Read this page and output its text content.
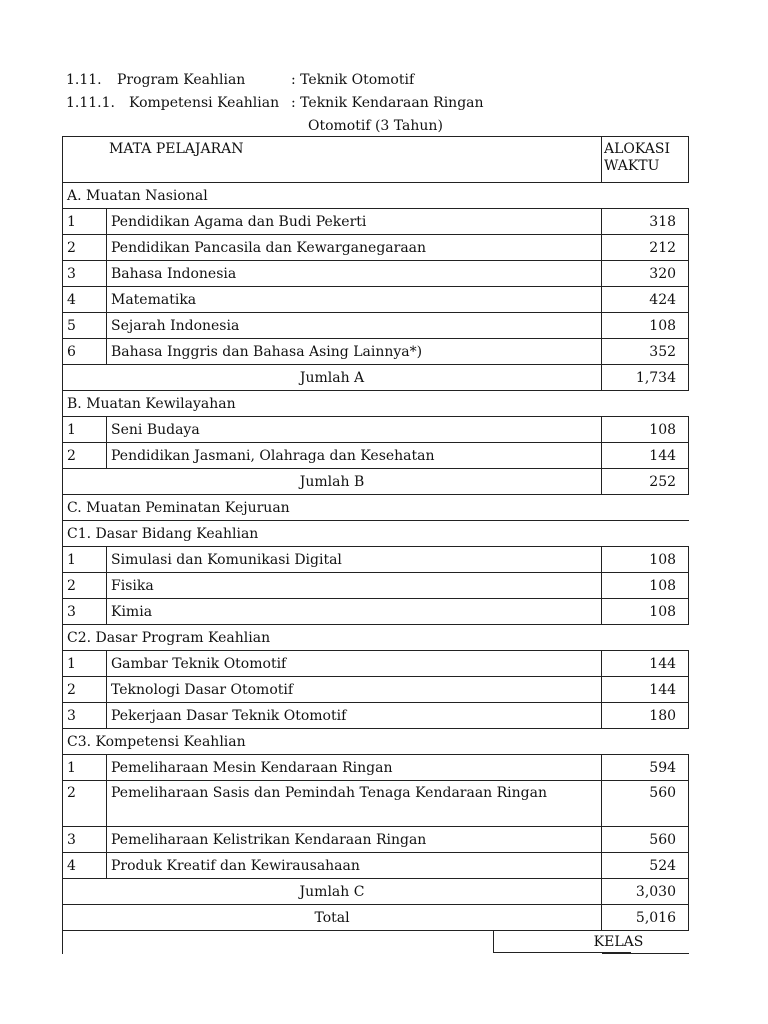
1.11. Program Keahlian	: Teknik Otomotif
1.11.1. Kompetensi Keahlian : Teknik Kendaraan Ringan
Otomotif (3 Tahun)
MATA PELAJARAN		ALOKASI
WAKTU

A. Muatan Nasional		
1	Pendidikan Agama dan Budi Pekerti	318
2	Pendidikan Pancasila dan Kewarganegaraan	212
3	Bahasa Indonesia	320
4	Matematika	424
5	Sejarah Indonesia	108
6	Bahasa Inggris dan Bahasa Asing Lainnya*)	352
Jumlah A		1,734
B. Muatan Kewilayahan		
1	Seni Budaya	108
2	Pendidikan Jasmani, Olahraga dan Kesehatan	144
Jumlah B		252
C. Muatan Peminatan Kejuruan		
C1. Dasar Bidang Keahlian		
1	Simulasi dan Komunikasi Digital	108
2	Fisika	108
3	Kimia	108
C2. Dasar Program Keahlian		
1	Gambar Teknik Otomotif	144
2	Teknologi Dasar Otomotif	144
3	Pekerjaan Dasar Teknik Otomotif	180
C3. Kompetensi Keahlian		
1	Pemeliharaan Mesin Kendaraan Ringan	594
2	Pemeliharaan Sasis dan Pemindah Tenaga Kendaraan Ringan	560
3	Pemeliharaan Kelistrikan Kendaraan Ringan	560
4	Produk Kreatif dan Kewirausahaan	524
Jumlah C		3,030
Total		5,016

KELAS		
